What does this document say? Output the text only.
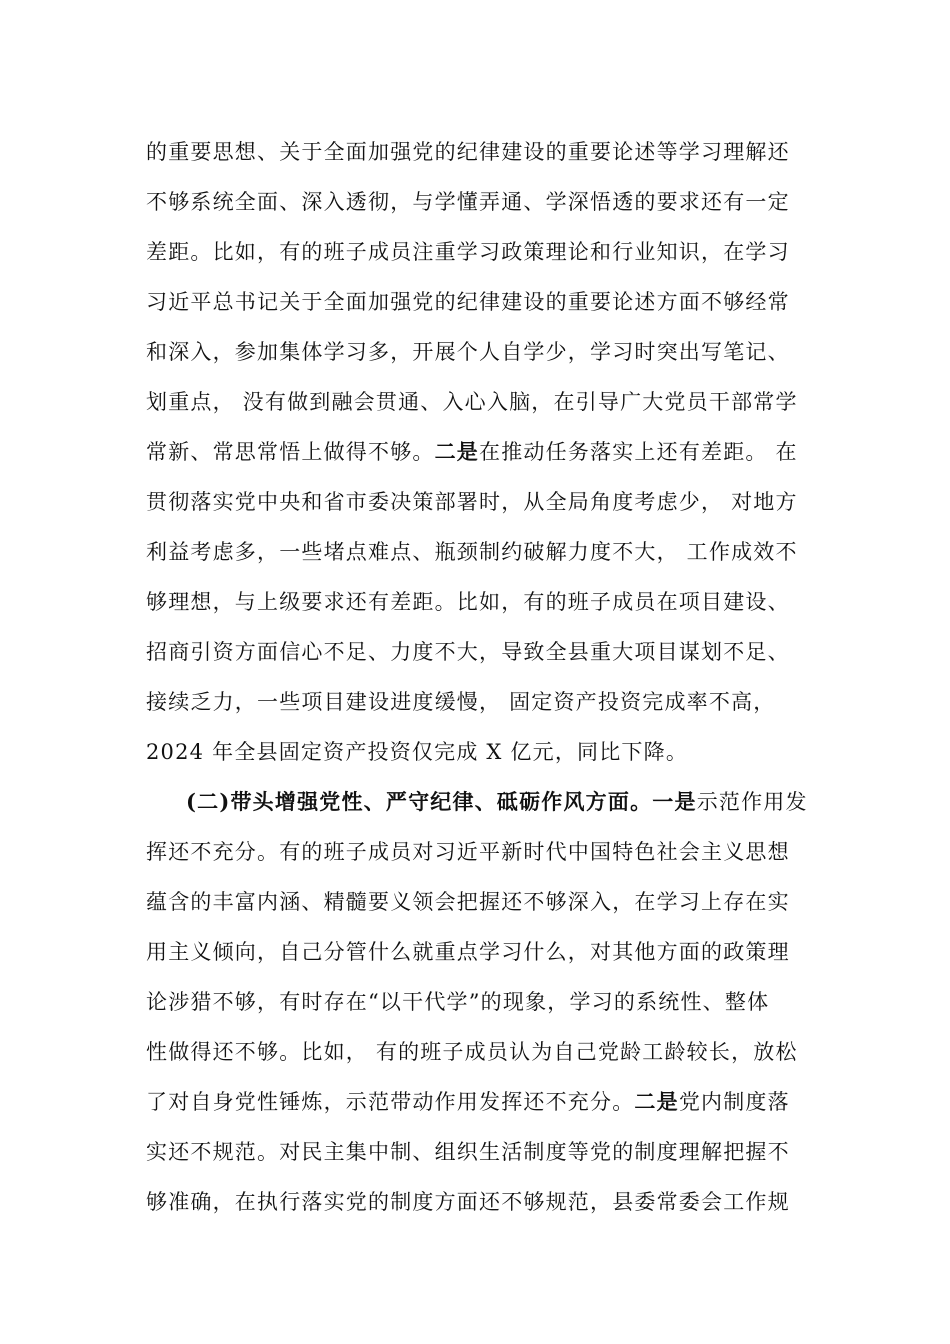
的重要思想、关于全面加强党的纪律建设的重要论述等学习理解还
不够系统全面、深入透彻，与学懂弄通、学深悟透的要求还有一定
差距。比如，有的班子成员注重学习政策理论和行业知识，在学习
习近平总书记关于全面加强党的纪律建设的重要论述方面不够经常
和深入，参加集体学习多，开展个人自学少，学习时突出写笔记、
划重点， 没有做到融会贯通、入心入脑，在引导广大党员干部常学
常新、常思常悟上做得不够。二是在推动任务落实上还有差距。 在
贯彻落实党中央和省市委决策部署时，从全局角度考虑少， 对地方
利益考虑多，一些堵点难点、瓶颈制约破解力度不大， 工作成效不
够理想，与上级要求还有差距。比如，有的班子成员在项目建设、
招商引资方面信心不足、力度不大，导致全县重大项目谋划不足、
接续乏力，一些项目建设进度缓慢， 固定资产投资完成率不高，
2024 年全县固定资产投资仅完成 X 亿元，同比下降。
(二)带头增强党性、严守纪律、砥砺作风方面。一是示范作用发
挥还不充分。有的班子成员对习近平新时代中国特色社会主义思想
蕴含的丰富内涵、精髓要义领会把握还不够深入，在学习上存在实
用主义倾向，自己分管什么就重点学习什么，对其他方面的政策理
论涉猎不够，有时存在“以干代学”的现象，学习的系统性、整体
性做得还不够。比如， 有的班子成员认为自己党龄工龄较长，放松
了对自身党性锤炼，示范带动作用发挥还不充分。二是党内制度落
实还不规范。对民主集中制、组织生活制度等党的制度理解把握不
够准确，在执行落实党的制度方面还不够规范，县委常委会工作规
